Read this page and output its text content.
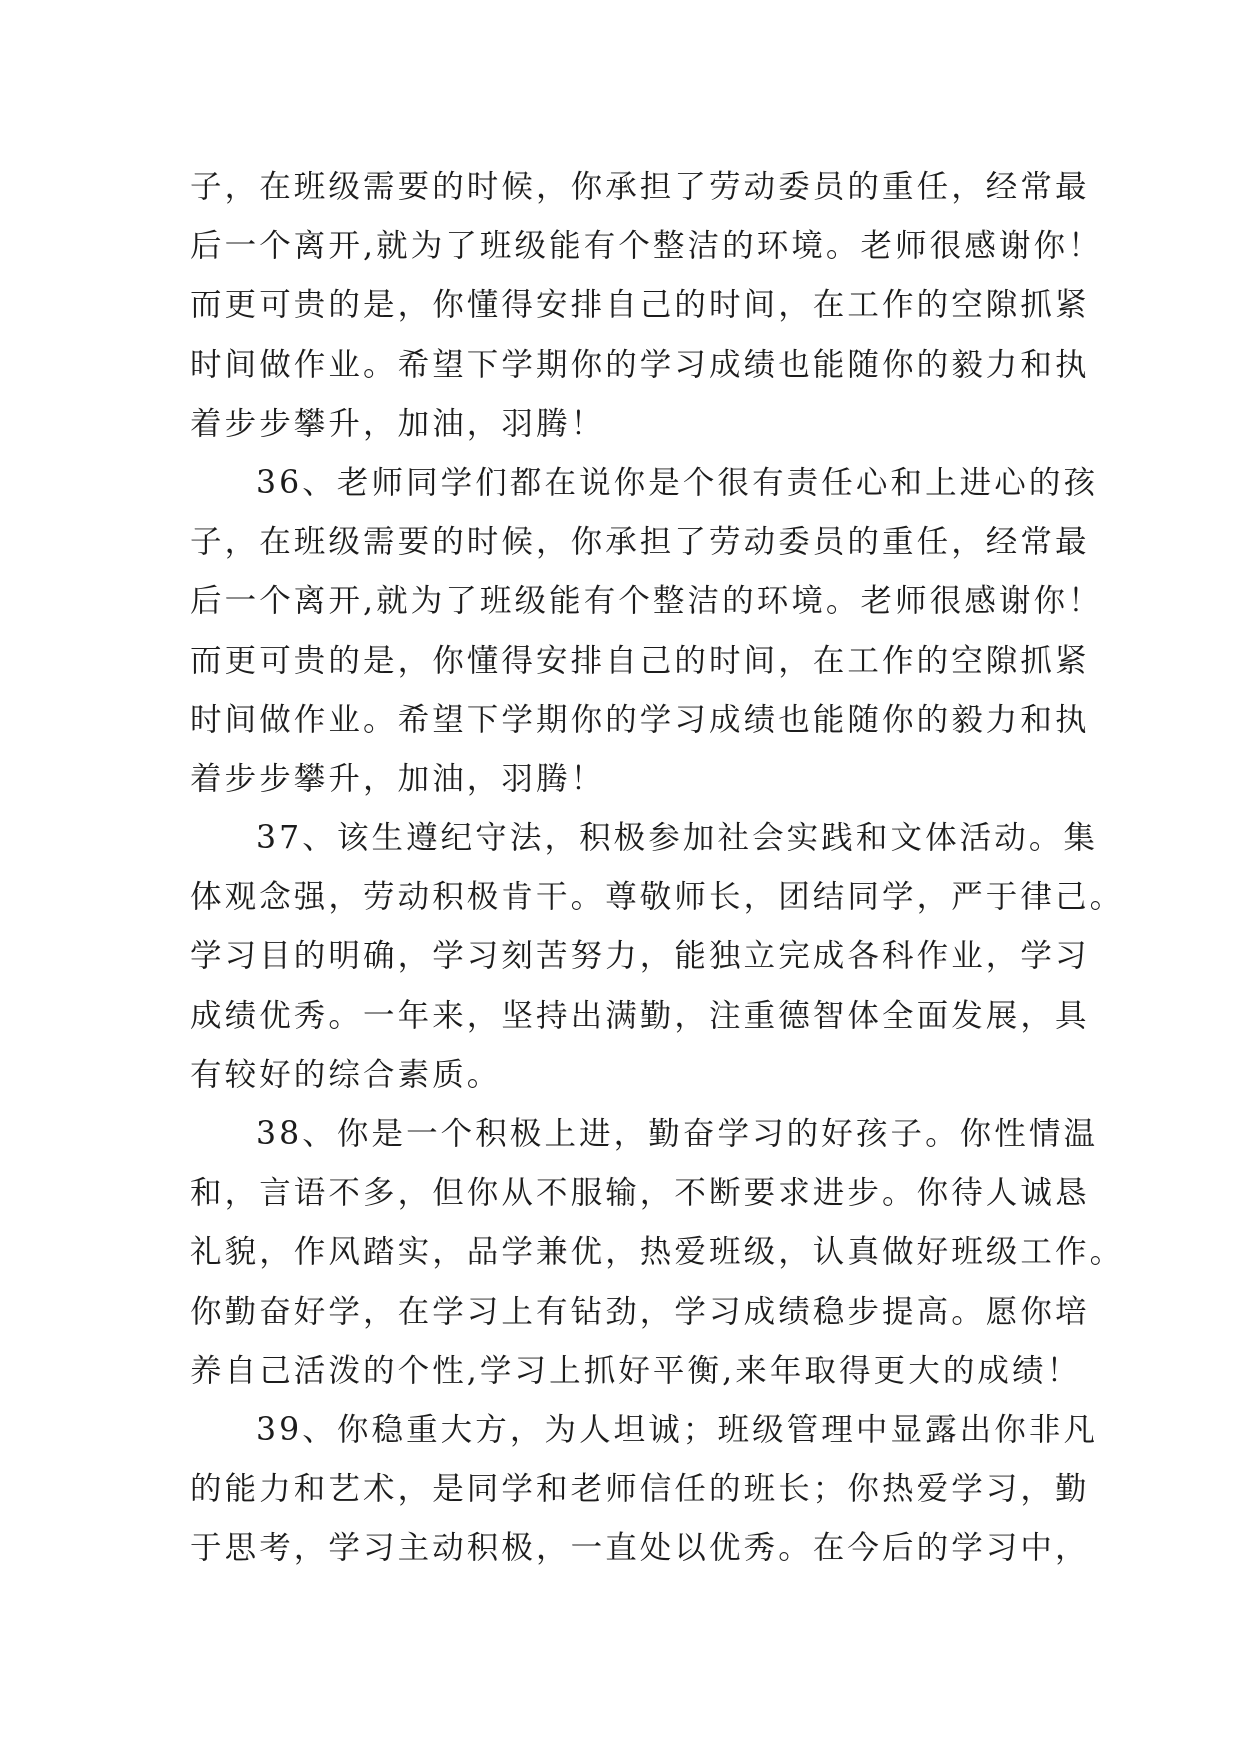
子，在班级需要的时候，你承担了劳动委员的重任，经常最
后一个离开,就为了班级能有个整洁的环境。老师很感谢你！
而更可贵的是，你懂得安排自己的时间，在工作的空隙抓紧
时间做作业。希望下学期你的学习成绩也能随你的毅力和执
着步步攀升，加油，羽腾！
36、老师同学们都在说你是个很有责任心和上进心的孩
子，在班级需要的时候，你承担了劳动委员的重任，经常最
后一个离开,就为了班级能有个整洁的环境。老师很感谢你！
而更可贵的是，你懂得安排自己的时间，在工作的空隙抓紧
时间做作业。希望下学期你的学习成绩也能随你的毅力和执
着步步攀升，加油，羽腾！
37、该生遵纪守法，积极参加社会实践和文体活动。集
体观念强，劳动积极肯干。尊敬师长，团结同学，严于律己。
学习目的明确，学习刻苦努力，能独立完成各科作业，学习
成绩优秀。一年来，坚持出满勤，注重德智体全面发展，具
有较好的综合素质。
38、你是一个积极上进，勤奋学习的好孩子。你性情温
和，言语不多，但你从不服输，不断要求进步。你待人诚恳
礼貌，作风踏实，品学兼优，热爱班级，认真做好班级工作。
你勤奋好学，在学习上有钻劲，学习成绩稳步提高。愿你培
养自己活泼的个性,学习上抓好平衡,来年取得更大的成绩！
39、你稳重大方，为人坦诚；班级管理中显露出你非凡
的能力和艺术，是同学和老师信任的班长；你热爱学习，勤
于思考，学习主动积极，一直处以优秀。在今后的学习中，
